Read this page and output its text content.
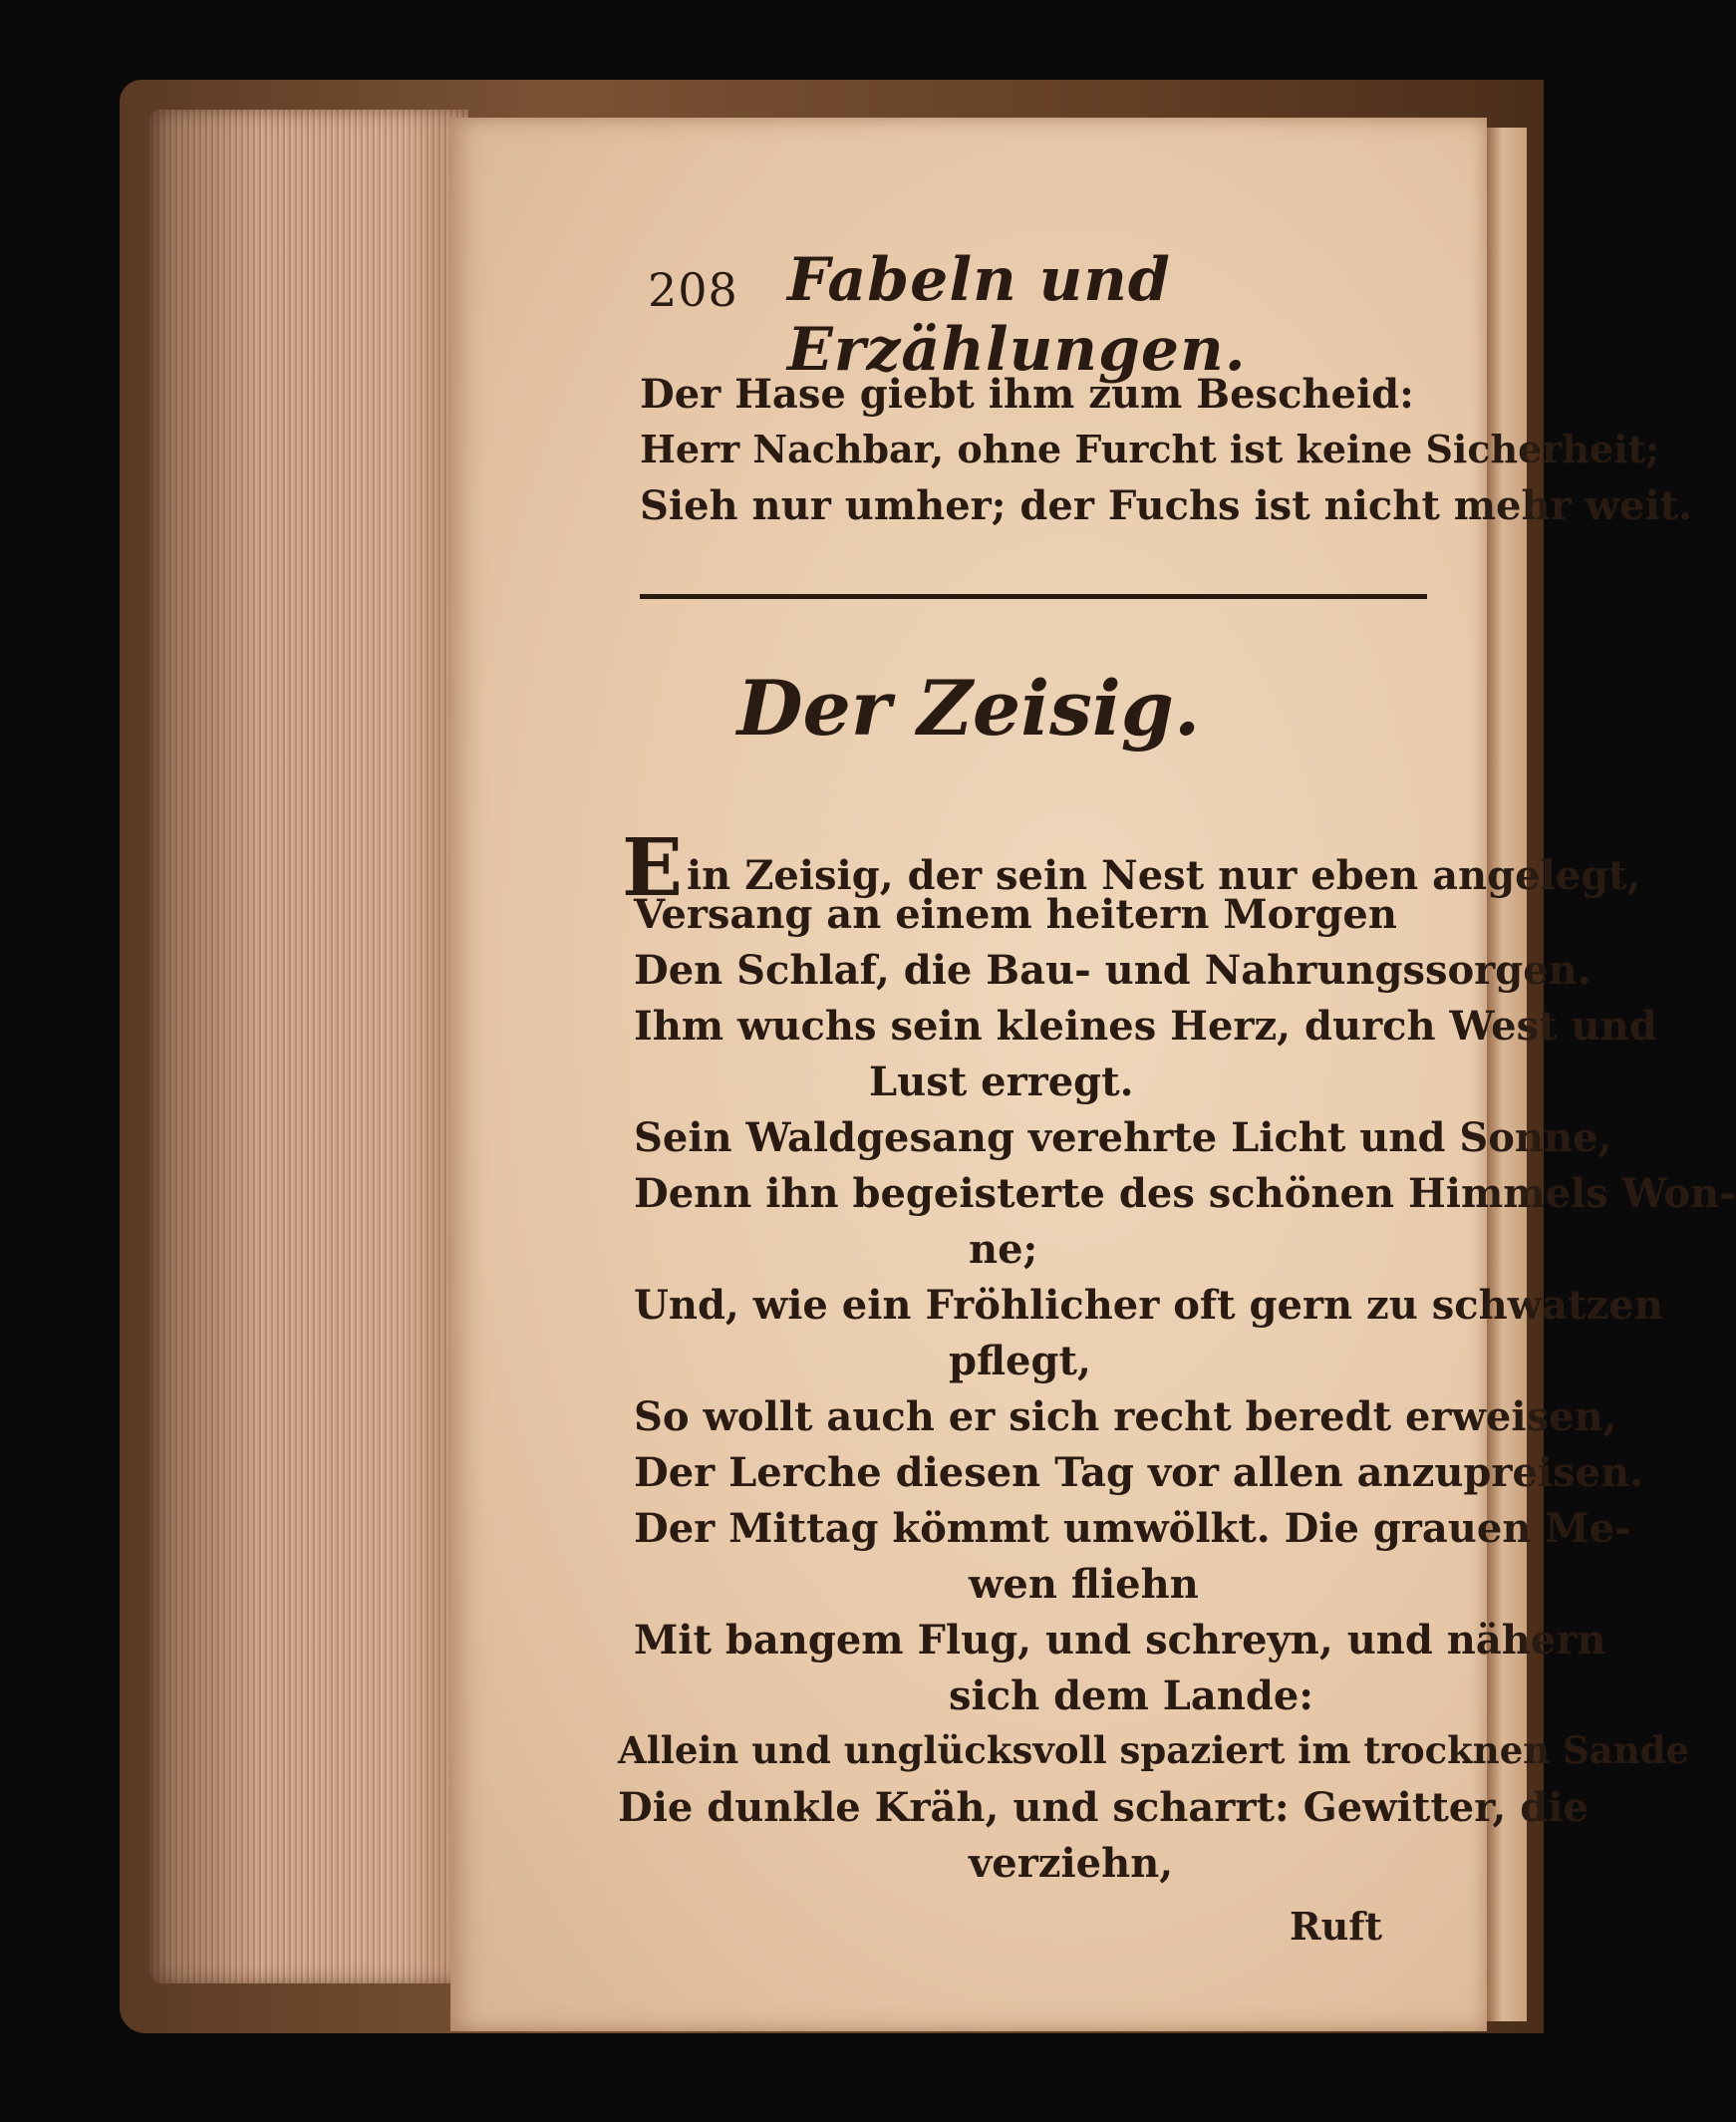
208 Fabeln und Erzählungen.
Der Hase giebt ihm zum Bescheid:
Herr Nachbar, ohne Furcht ist keine Sicherheit;
Sieh nur umher; der Fuchs ist nicht mehr weit.
Der Zeisig.
Ein Zeisig, der sein Nest nur eben angelegt,
Versang an einem heitern Morgen
Den Schlaf, die Bau- und Nahrungssorgen.
Ihm wuchs sein kleines Herz, durch West und
Lust erregt.
Sein Waldgesang verehrte Licht und Sonne,
Denn ihn begeisterte des schönen Himmels Won-
ne;
Und, wie ein Fröhlicher oft gern zu schwatzen
pflegt,
So wollt auch er sich recht beredt erweisen,
Der Lerche diesen Tag vor allen anzupreisen.
Der Mittag kömmt umwölkt. Die grauen Me-
wen fliehn
Mit bangem Flug, und schreyn, und nähern
sich dem Lande:
Allein und unglücksvoll spaziert im trocknen Sande
Die dunkle Kräh, und scharrt: Gewitter, die
verziehn,
Ruft
